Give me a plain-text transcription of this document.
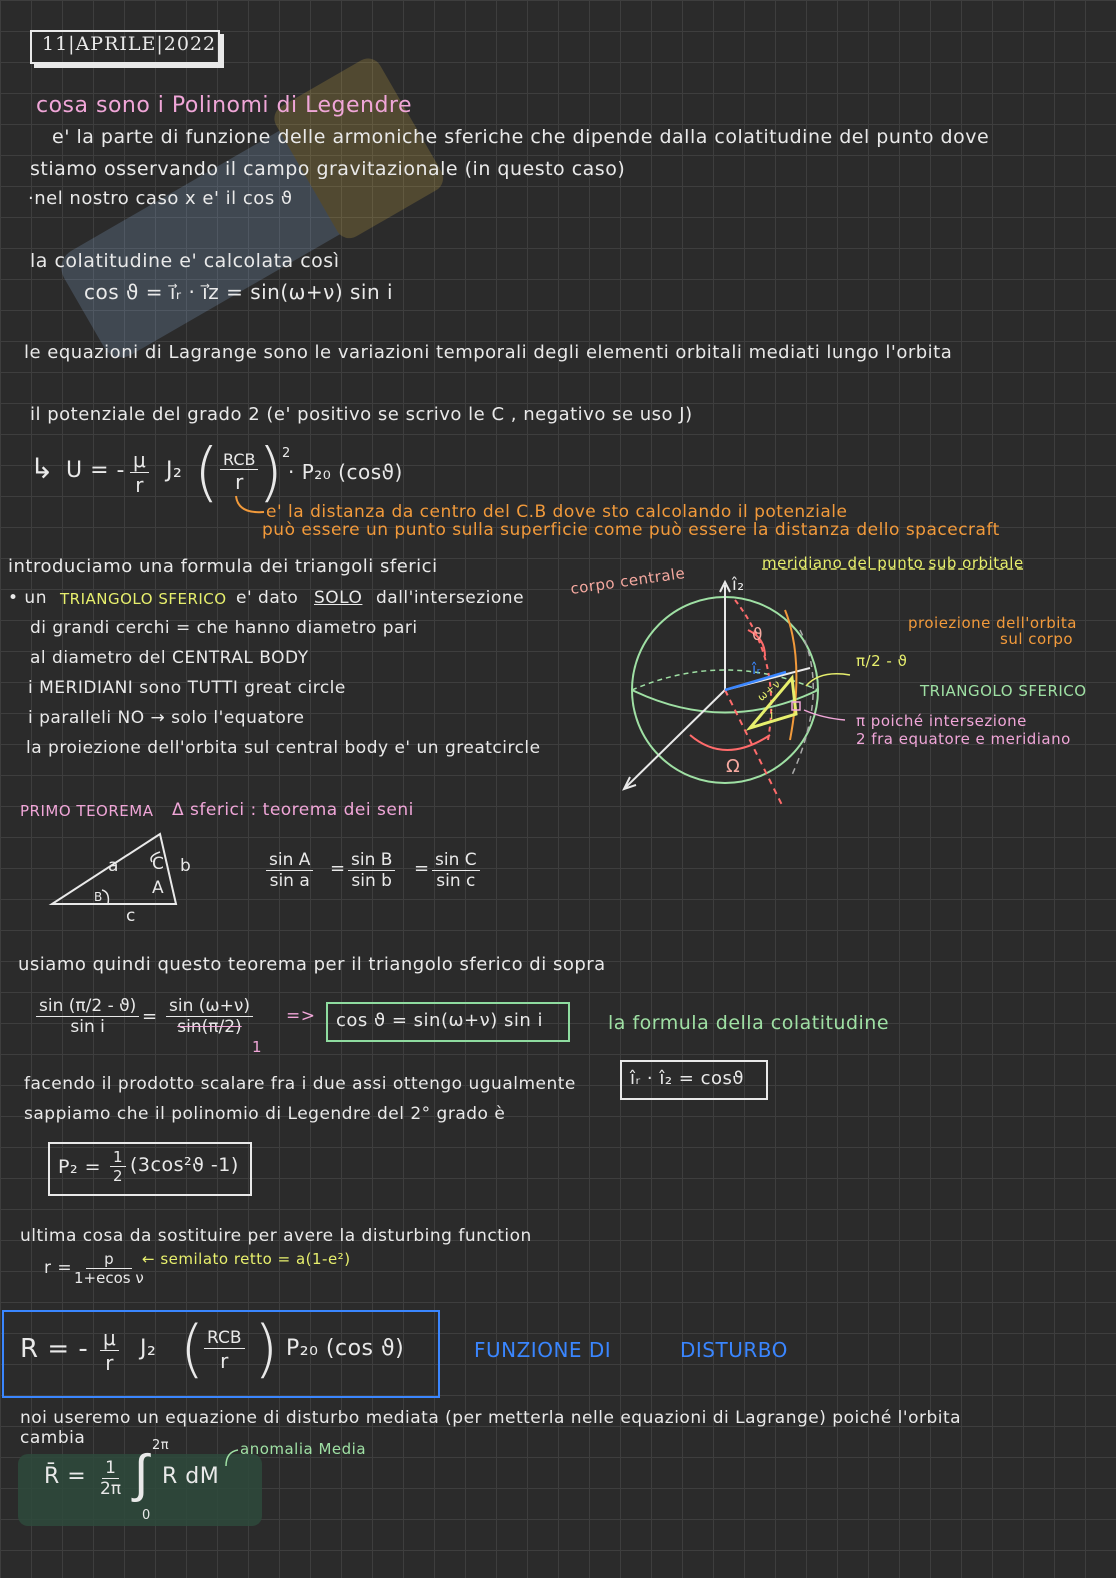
11|APRILE|2022
cosa sono i Polinomi di Legendre
e' la parte di funzione delle armoniche sferiche che dipende dalla colatitudine del punto dove
stiamo osservando il campo gravitazionale (in questo caso)
·nel nostro caso x e' il cos ϑ
la colatitudine e' calcolata così
cos ϑ = i⃗ᵣ · i⃗z = sin(ω+ν) sin i
le equazioni di Lagrange sono le variazioni temporali degli elementi orbitali mediati lungo l'orbita
il potenziale del grado 2 (e' positivo se scrivo le C , negativo se uso J)
↳ U = - $\frac{\mu}{r} J_2$ ( RCB
r )
2
· P₂₀ (cosϑ)
e' la distanza da centro del C.B dove sto calcolando il potenziale
può essere un punto sulla superficie come può essere la distanza dello spacecraft
introduciamo una formula dei triangoli sferici
• un TRIANGOLO SFERICO e' dato SOLO dall'intersezione
di grandi cerchi = che hanno diametro pari
al diametro del CENTRAL BODY
i MERIDIANI sono TUTTI great circle
i paralleli NO → solo l'equatore
la proiezione dell'orbita sul central body e' un greatcircle
corpo centrale	î₂
meridiano del punto sub orbitale
proiezione dell'orbita
sul corpo
π/2 - ϑ
TRIANGOLO SFERICO
π poiché intersezione
2 fra equatore e meridiano
ϑ
îᵣ
Ω
ω+ν
i
PRIMO TEOREMA Δ sferici : teorema dei seni
a	b
c
A
B
C	$\frac{\text{sin A}}{\text{sin a}} = \frac{\text{sin B}}{\text{sin b}} = \frac{\text{sin C}}{\text{sin c}}$
usiamo quindi questo teorema per il triangolo sferico di sopra
$\frac{\sin (\pi/2 - ϑ)}{\text{sin i}} = \frac{\sin (\omega+\nu)}{\sin(\pi/2)}$
1
=> cos ϑ = sin(ω+ν) sin i	la formula della colatitudine
facendo il prodotto scalare fra i due assi ottengo ugualmente	îᵣ · î₂ = cosϑ
sappiamo che il polinomio di Legendre del 2° grado è
$P_2 = \frac{1}{2} (3\cos^2ϑ$ -1)
ultima cosa da sostituire per avere la disturbing function
$r = \frac{p}{\text{1+ecos ν}}$
← semilato retto = a(1-e²)
R = - $\frac{\mu}{r} J_2$ ( RCB
r ) P₂₀ (cos ϑ)	FUNZIONE DI	DISTURBO
noi useremo un equazione di disturbo mediata (per metterla nelle equazioni di Lagrange) poiché l'orbita
cambia
R̄ = $\frac{1}{2\pi}$ ∫ 2π
0
R dM
anomalia Media
